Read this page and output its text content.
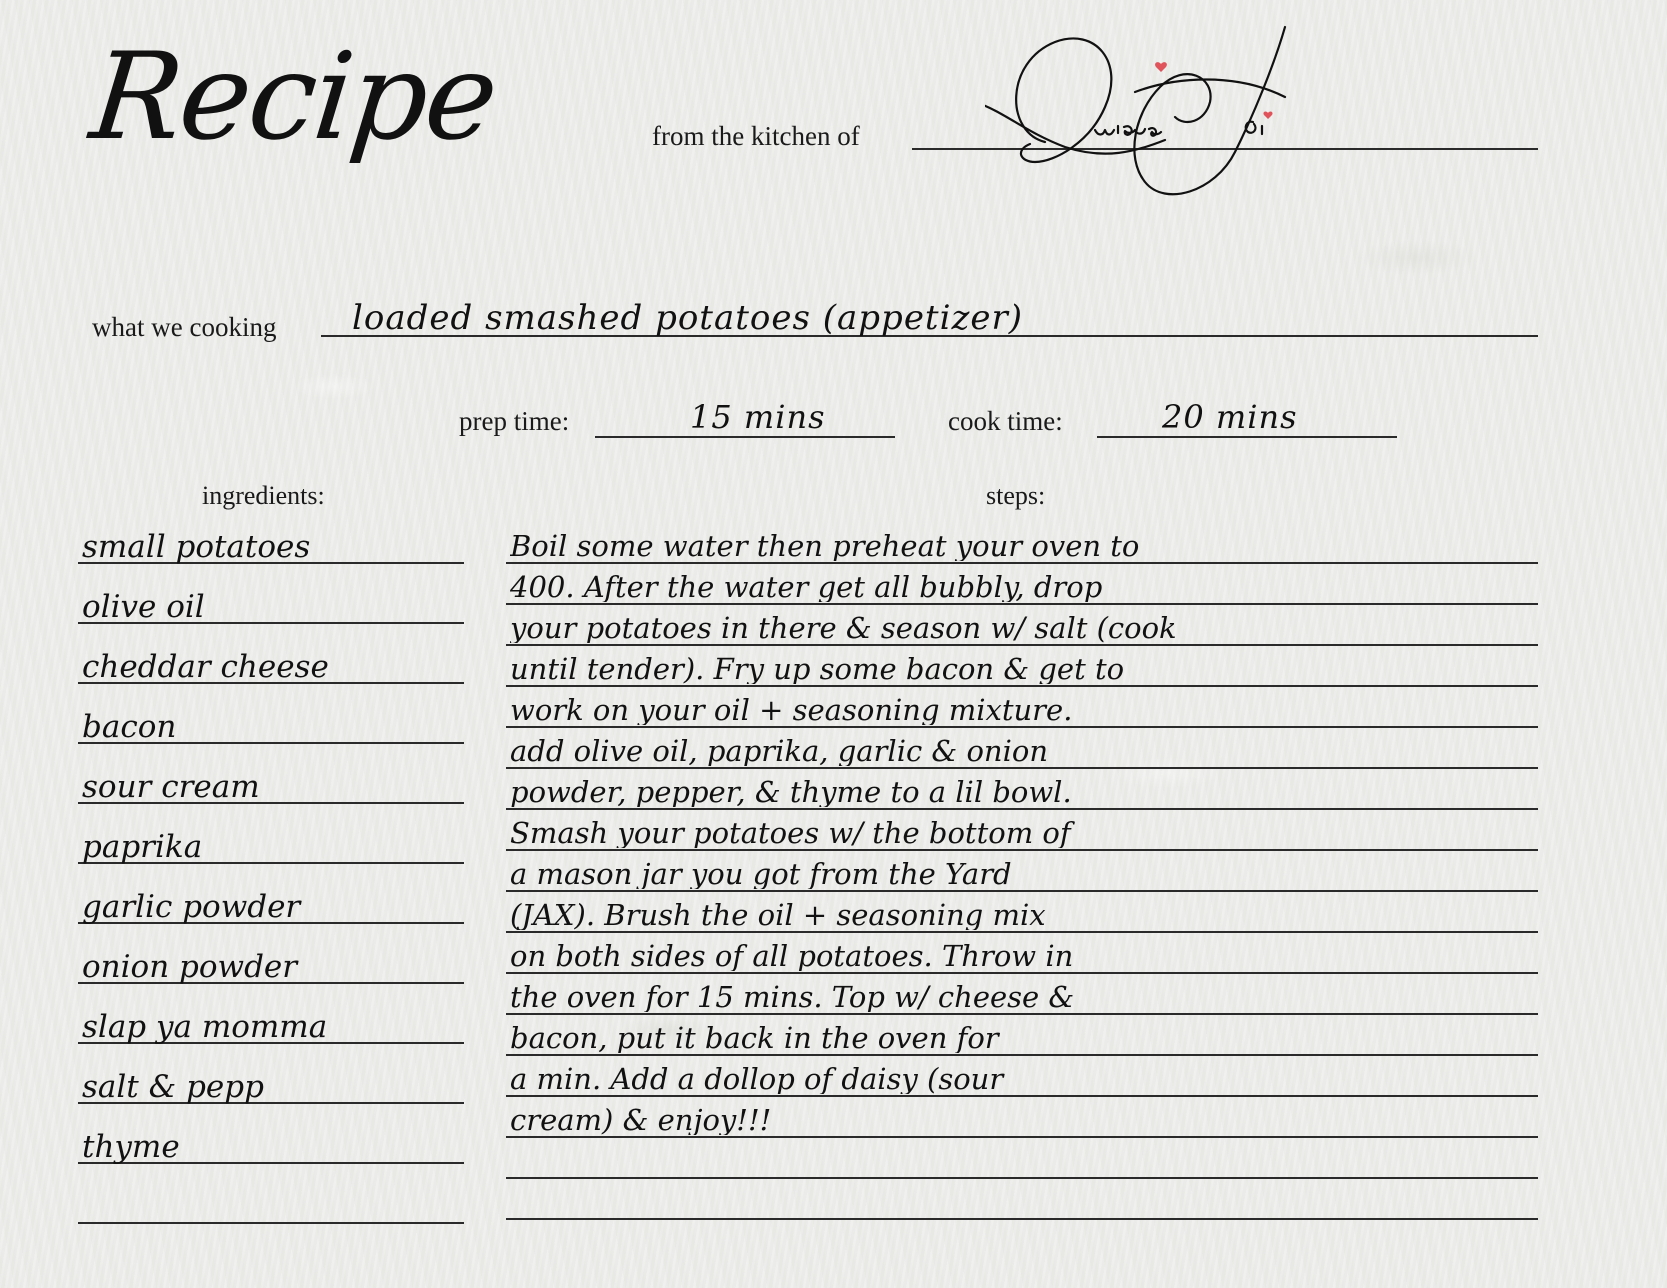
Recipe	from the kitchen of
what we cooking loaded smashed potatoes (appetizer)
prep time:	15 mins	cook time:	20 mins
ingredients:	steps:
small potatoes
olive oil
cheddar cheese
bacon
sour cream
paprika
garlic powder
onion powder
slap ya momma
salt & pepp
thyme
Boil some water then preheat your oven to
400. After the water get all bubbly, drop
your potatoes in there & season w/ salt (cook
until tender). Fry up some bacon & get to
work on your oil + seasoning mixture.
add olive oil, paprika, garlic & onion
powder, pepper, & thyme to a lil bowl.
Smash your potatoes w/ the bottom of
a mason jar you got from the Yard
(JAX). Brush the oil + seasoning mix
on both sides of all potatoes. Throw in
the oven for 15 mins. Top w/ cheese &
bacon, put it back in the oven for
a min. Add a dollop of daisy (sour
cream) & enjoy!!!
